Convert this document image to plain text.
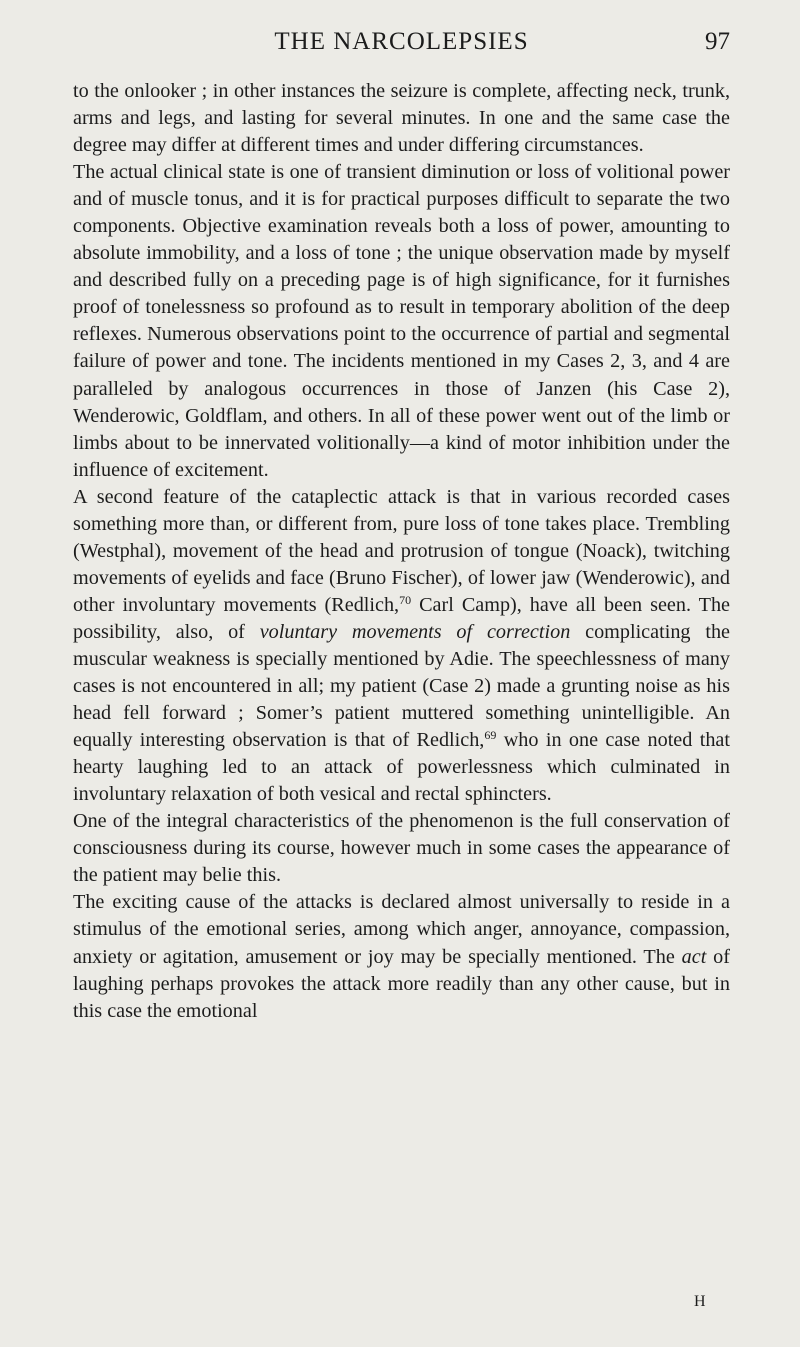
THE NARCOLEPSIES	97

to the onlooker ; in other instances the seizure is complete, affecting neck, trunk, arms and legs, and lasting for several minutes. In one and the same case the degree may differ at different times and under differing circumstances.

The actual clinical state is one of transient diminution or loss of volitional power and of muscle tonus, and it is for practical purposes difficult to separate the two components. Objective examination reveals both a loss of power, amounting to absolute immobility, and a loss of tone ; the unique observation made by myself and described fully on a preceding page is of high significance, for it furnishes proof of tonelessness so profound as to result in temporary abolition of the deep reflexes. Numerous observations point to the occurrence of partial and segmental failure of power and tone. The incidents mentioned in my Cases 2, 3, and 4 are paralleled by analogous occurrences in those of Janzen (his Case 2), Wenderowic, Goldflam, and others. In all of these power went out of the limb or limbs about to be innervated volitionally—a kind of motor inhibition under the influence of excitement.

A second feature of the cataplectic attack is that in various recorded cases something more than, or different from, pure loss of tone takes place. Trembling (Westphal), movement of the head and protrusion of tongue (Noack), twitching movements of eyelids and face (Bruno Fischer), of lower jaw (Wenderowic), and other involuntary movements (Redlich,$^{70}$ Carl Camp), have all been seen. The possibility, also, of voluntary movements of correction complicating the muscular weakness is specially mentioned by Adie. The speechlessness of many cases is not encountered in all; my patient (Case 2) made a grunting noise as his head fell forward ; Somer’s patient muttered something unintelligible. An equally interesting observation is that of Redlich,$^{69}$ who in one case noted that hearty laughing led to an attack of powerlessness which culminated in involuntary relaxation of both vesical and rectal sphincters.

One of the integral characteristics of the phenomenon is the full conservation of consciousness during its course, however much in some cases the appearance of the patient may belie this.

The exciting cause of the attacks is declared almost universally to reside in a stimulus of the emotional series, among which anger, annoyance, compassion, anxiety or agitation, amusement or joy may be specially mentioned. The act of laughing perhaps provokes the attack more readily than any other cause, but in this case the emotional

H
